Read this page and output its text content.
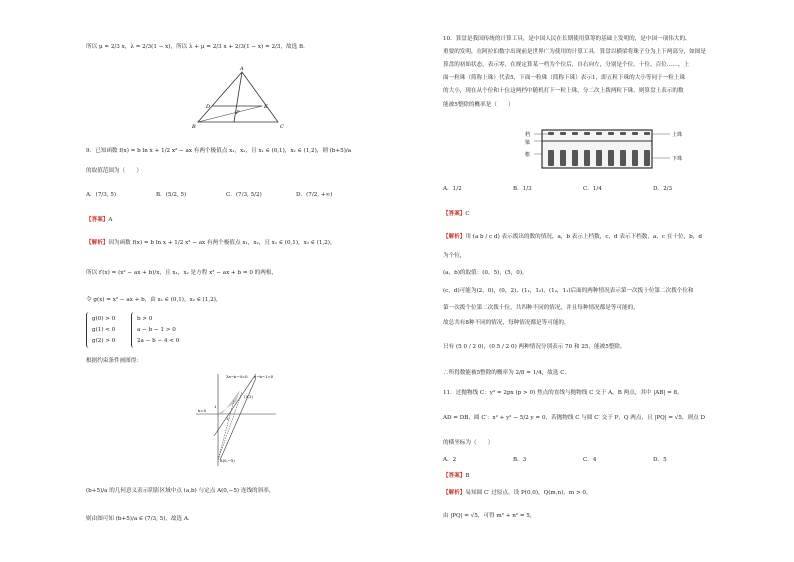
所以 μ = 2/3 x，λ = 2/3(1 − x)，所以 λ + μ = 2/3 x + 2/3(1 − x) = 2/3，故选 B．
A
D	E
P
B	C
9．已知函数 f(x) = b ln x + 1/2 x² − ax 有两个极值点 x₁，x₂，且 x₁ ∈ (0,1)，x₂ ∈ (1,2)，则 (b+5)/a
的取值范围为（　　）
A．(7/3, 5)	B．(5/2, 5)	C．(7/3, 5/2)	D．(7/2, +∞)
【答案】A
【解析】因为函数 f(x) = b ln x + 1/2 x² − ax 有两个极值点 x₁，x₂，且 x₁ ∈ (0,1)，x₂ ∈ (1,2)，
所以 f′(x) = (x² − ax + b)/x，且 x₁，x₂ 是方程 x² − ax + b = 0 的两根，
令 g(x) = x² − ax + b，由 x₁ ∈ (0,1)，x₂ ∈ (1,2)，
g(0) > 0
g(1) < 0
g(2) > 0
b > 0
a − b − 1 > 0
2a − b − 4 < 0
根据约束条件画图得：
2a−b−4=0 a−b−1=0
(3,2)
b=0
1
1
A(0,−5)
(b+5)/a 的几何意义表示阴影区域中点 (a,b) 与定点 A(0,−5) 连线的斜率，
则由图可知 (b+5)/a ∈ (7/3, 5)，故选 A．
10．算盘是我国传统的计算工具，是中国人民在长期使用算筹的基础上发明的，是中国一项伟大的、
重要的发明，在阿拉伯数字出现前是世界广为使用的计算工具．算盘以横梁将珠子分为上下两部分，如图是
算盘的初始状态，表示零，在规定算某一档为个位后，自右向左，分别是个位、十位、百位……，上
面一粒珠（简称上珠）代表5，下面一粒珠（简称下珠）表示1，即五粒下珠的大小等同于一粒上珠
的大小，现在从个位和十位这两档中随机打下一粒上珠，分二次上拨两粒下珠，则算盘上表示的数
能被5整除的概率是（　　）
档
梁
框
上珠
下珠
A．1/2	B．1/3	C．1/4	D．2/3
【答案】C
【解析】用 (a b / c d) 表示拨出的数的情况，a，b 表示上档数，c，d 表示下档数，a，c 在十位，b，d
为个位，
(a，b)的取值：(0，5)，(5，0)，
(c，d)可能为(2，0)，(0，2)，(1₁，1₂)，(1₂，1₁)后面的两种情况表示第一次拨十位第二次拨个位和
第一次拨个位第二次拨十位，共四种不同的情况，并且每种情况都是等可能的，
故总共有8种不同的情况，每种情况都是等可能的，
只有 (5 0 / 2 0)，(0 5 / 2 0) 两种情况分别表示 70 和 25，能被5整除，
∴所得数能被5整除的概率为 2/8 = 1/4，故选 C．
11．过抛物线 C：y² = 2px (p > 0) 焦点的直线与抛物线 C 交于 A，B 两点，其中 |AB| = 8，
AD = DB，圆 C′：x² + y² − 5/2 y = 0，若抛物线 C 与圆 C′ 交于 P，Q 两点，且 |PQ| = √5，则点 D
的横坐标为（　　）
A．2	B．3	C．4	D．5
【答案】B
【解析】易知圆 C′ 过原点，设 P(0,0)，Q(m,n)，m > 0，
由 |PQ| = √5，可得 m² + n² = 5，
